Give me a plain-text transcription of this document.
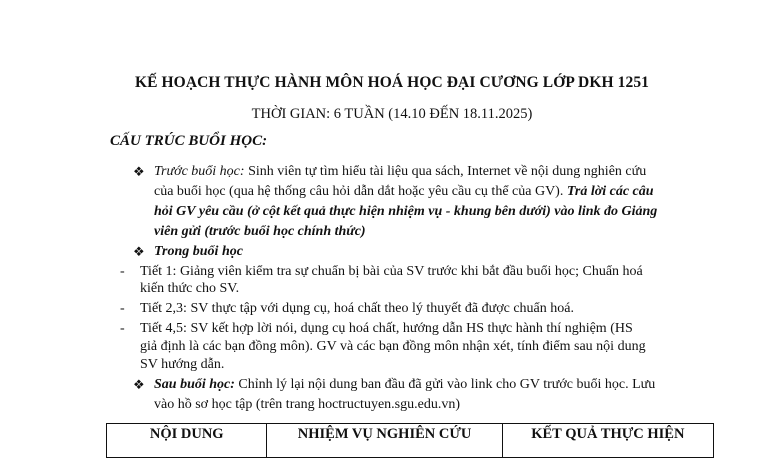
KẾ HOẠCH THỰC HÀNH MÔN HOÁ HỌC ĐẠI CƯƠNG LỚP DKH 1251
THỜI GIAN: 6 TUẦN (14.10 ĐẾN 18.11.2025)
CẤU TRÚC BUỔI HỌC:
❖ Trước buổi học: Sinh viên tự tìm hiểu tài liệu qua sách, Internet về nội dung nghiên cứu
của buổi học (qua hệ thống câu hỏi dẫn dắt hoặc yêu cầu cụ thể của GV). Trả lời các câu
hỏi GV yêu cầu (ở cột kết quả thực hiện nhiệm vụ - khung bên dưới) vào link đo Giảng
viên gửi (trước buổi học chính thức)
❖ Trong buổi học
- Tiết 1: Giảng viên kiểm tra sự chuẩn bị bài của SV trước khi bắt đầu buổi học; Chuẩn hoá
kiến thức cho SV.
- Tiết 2,3: SV thực tập với dụng cụ, hoá chất theo lý thuyết đã được chuẩn hoá.
- Tiết 4,5: SV kết hợp lời nói, dụng cụ hoá chất, hướng dẫn HS thực hành thí nghiệm (HS
giả định là các bạn đồng môn). GV và các bạn đồng môn nhận xét, tính điểm sau nội dung
SV hướng dẫn.
❖ Sau buổi học: Chỉnh lý lại nội dung ban đầu đã gửi vào link cho GV trước buổi học. Lưu
vào hồ sơ học tập (trên trang hoctructuyen.sgu.edu.vn)
NỘI DUNG	NHIỆM VỤ NGHIÊN CỨU	KẾT QUẢ THỰC HIỆN
